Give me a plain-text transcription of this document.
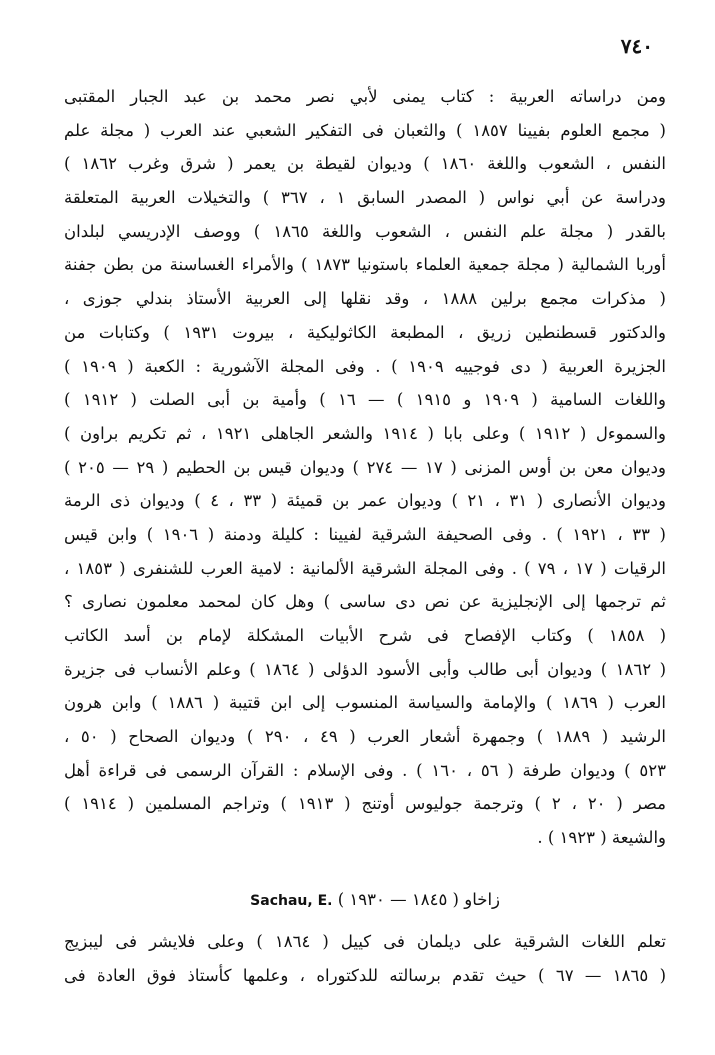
٧٤٠
ومن دراساته العربية : كتاب يمنى لأبي نصر محمد بن عبد الجبار المقتبى
( مجمع العلوم بفيينا ١٨٥٧ ) والثعبان فى التفكير الشعبي عند العرب ( مجلة علم
النفس ، الشعوب واللغة ١٨٦٠ ) وديوان لقيطة بن يعمر ( شرق وغرب ١٨٦٢ )
ودراسة عن أبي نواس ( المصدر السابق ١ ، ٣٦٧ ) والتخيلات العربية المتعلقة
بالقدر ( مجلة علم النفس ، الشعوب واللغة ١٨٦٥ ) ووصف الإدريسي لبلدان
أوربا الشمالية ( مجلة جمعية العلماء باستونيا ١٨٧٣ ) والأمراء الغساسنة من بطن جفنة
( مذكرات مجمع برلين ١٨٨٨ ، وقد نقلها إلى العربية الأستاذ بندلي جوزى ،
والدكتور قسطنطين زريق ، المطبعة الكاثوليكية ، بيروت ١٩٣١ ) وكتابات من
الجزيرة العربية ( دى فوجييه ١٩٠٩ ) . وفى المجلة الآشورية : الكعبة ( ١٩٠٩ )
واللغات السامية ( ١٩٠٩ و ١٩١٥ ) — ١٦ ) وأمية بن أبى الصلت ( ١٩١٢ )
والسموءل ( ١٩١٢ ) وعلى بابا ( ١٩١٤ والشعر الجاهلى ١٩٢١ ، ثم تكريم براون )
وديوان معن بن أوس المزنى ( ١٧ — ٢٧٤ ) وديوان قيس بن الحطيم ( ٢٩ — ٢٠٥ )
وديوان الأنصارى ( ٣١ ، ٢١ ) وديوان عمر بن قميئة ( ٣٣ ، ٤ ) وديوان ذى الرمة
( ٣٣ ، ١٩٢١ ) . وفى الصحيفة الشرقية لفيينا : كليلة ودمنة ( ١٩٠٦ ) وابن قيس
الرقيات ( ١٧ ، ٧٩ ) . وفى المجلة الشرقية الألمانية : لامية العرب للشنفرى ( ١٨٥٣ ،
ثم ترجمها إلى الإنجليزية عن نص دى ساسى ) وهل كان لمحمد معلمون نصارى ؟
( ١٨٥٨ ) وكتاب الإفصاح فى شرح الأبيات المشكلة لإمام بن أسد الكاتب
( ١٨٦٢ ) وديوان أبى طالب وأبى الأسود الدؤلى ( ١٨٦٤ ) وعلم الأنساب فى جزيرة
العرب ( ١٨٦٩ ) والإمامة والسياسة المنسوب إلى ابن قتيبة ( ١٨٨٦ ) وابن هرون
الرشيد ( ١٨٨٩ ) وجمهرة أشعار العرب ( ٤٩ ، ٢٩٠ ) وديوان الصحاح ( ٥٠ ،
٥٢٣ ) وديوان طرفة ( ٥٦ ، ١٦٠ ) . وفى الإسلام : القرآن الرسمى فى قراءة أهل
مصر ( ٢٠ ، ٢ ) وترجمة جوليوس أوتنج ( ١٩١٣ ) وتراجم المسلمين ( ١٩١٤ )
والشيعة ( ١٩٢٣ ) .
زاخاو ( ١٨٤٥ — ١٩٣٠ ) Sachau, E.
تعلم اللغات الشرقية على ديلمان فى كييل ( ١٨٦٤ ) وعلى فلايشر فى ليبزيج
( ١٨٦٥ — ٦٧ ) حيث تقدم برسالته للدكتوراه ، وعلمها كأستاذ فوق العادة فى
